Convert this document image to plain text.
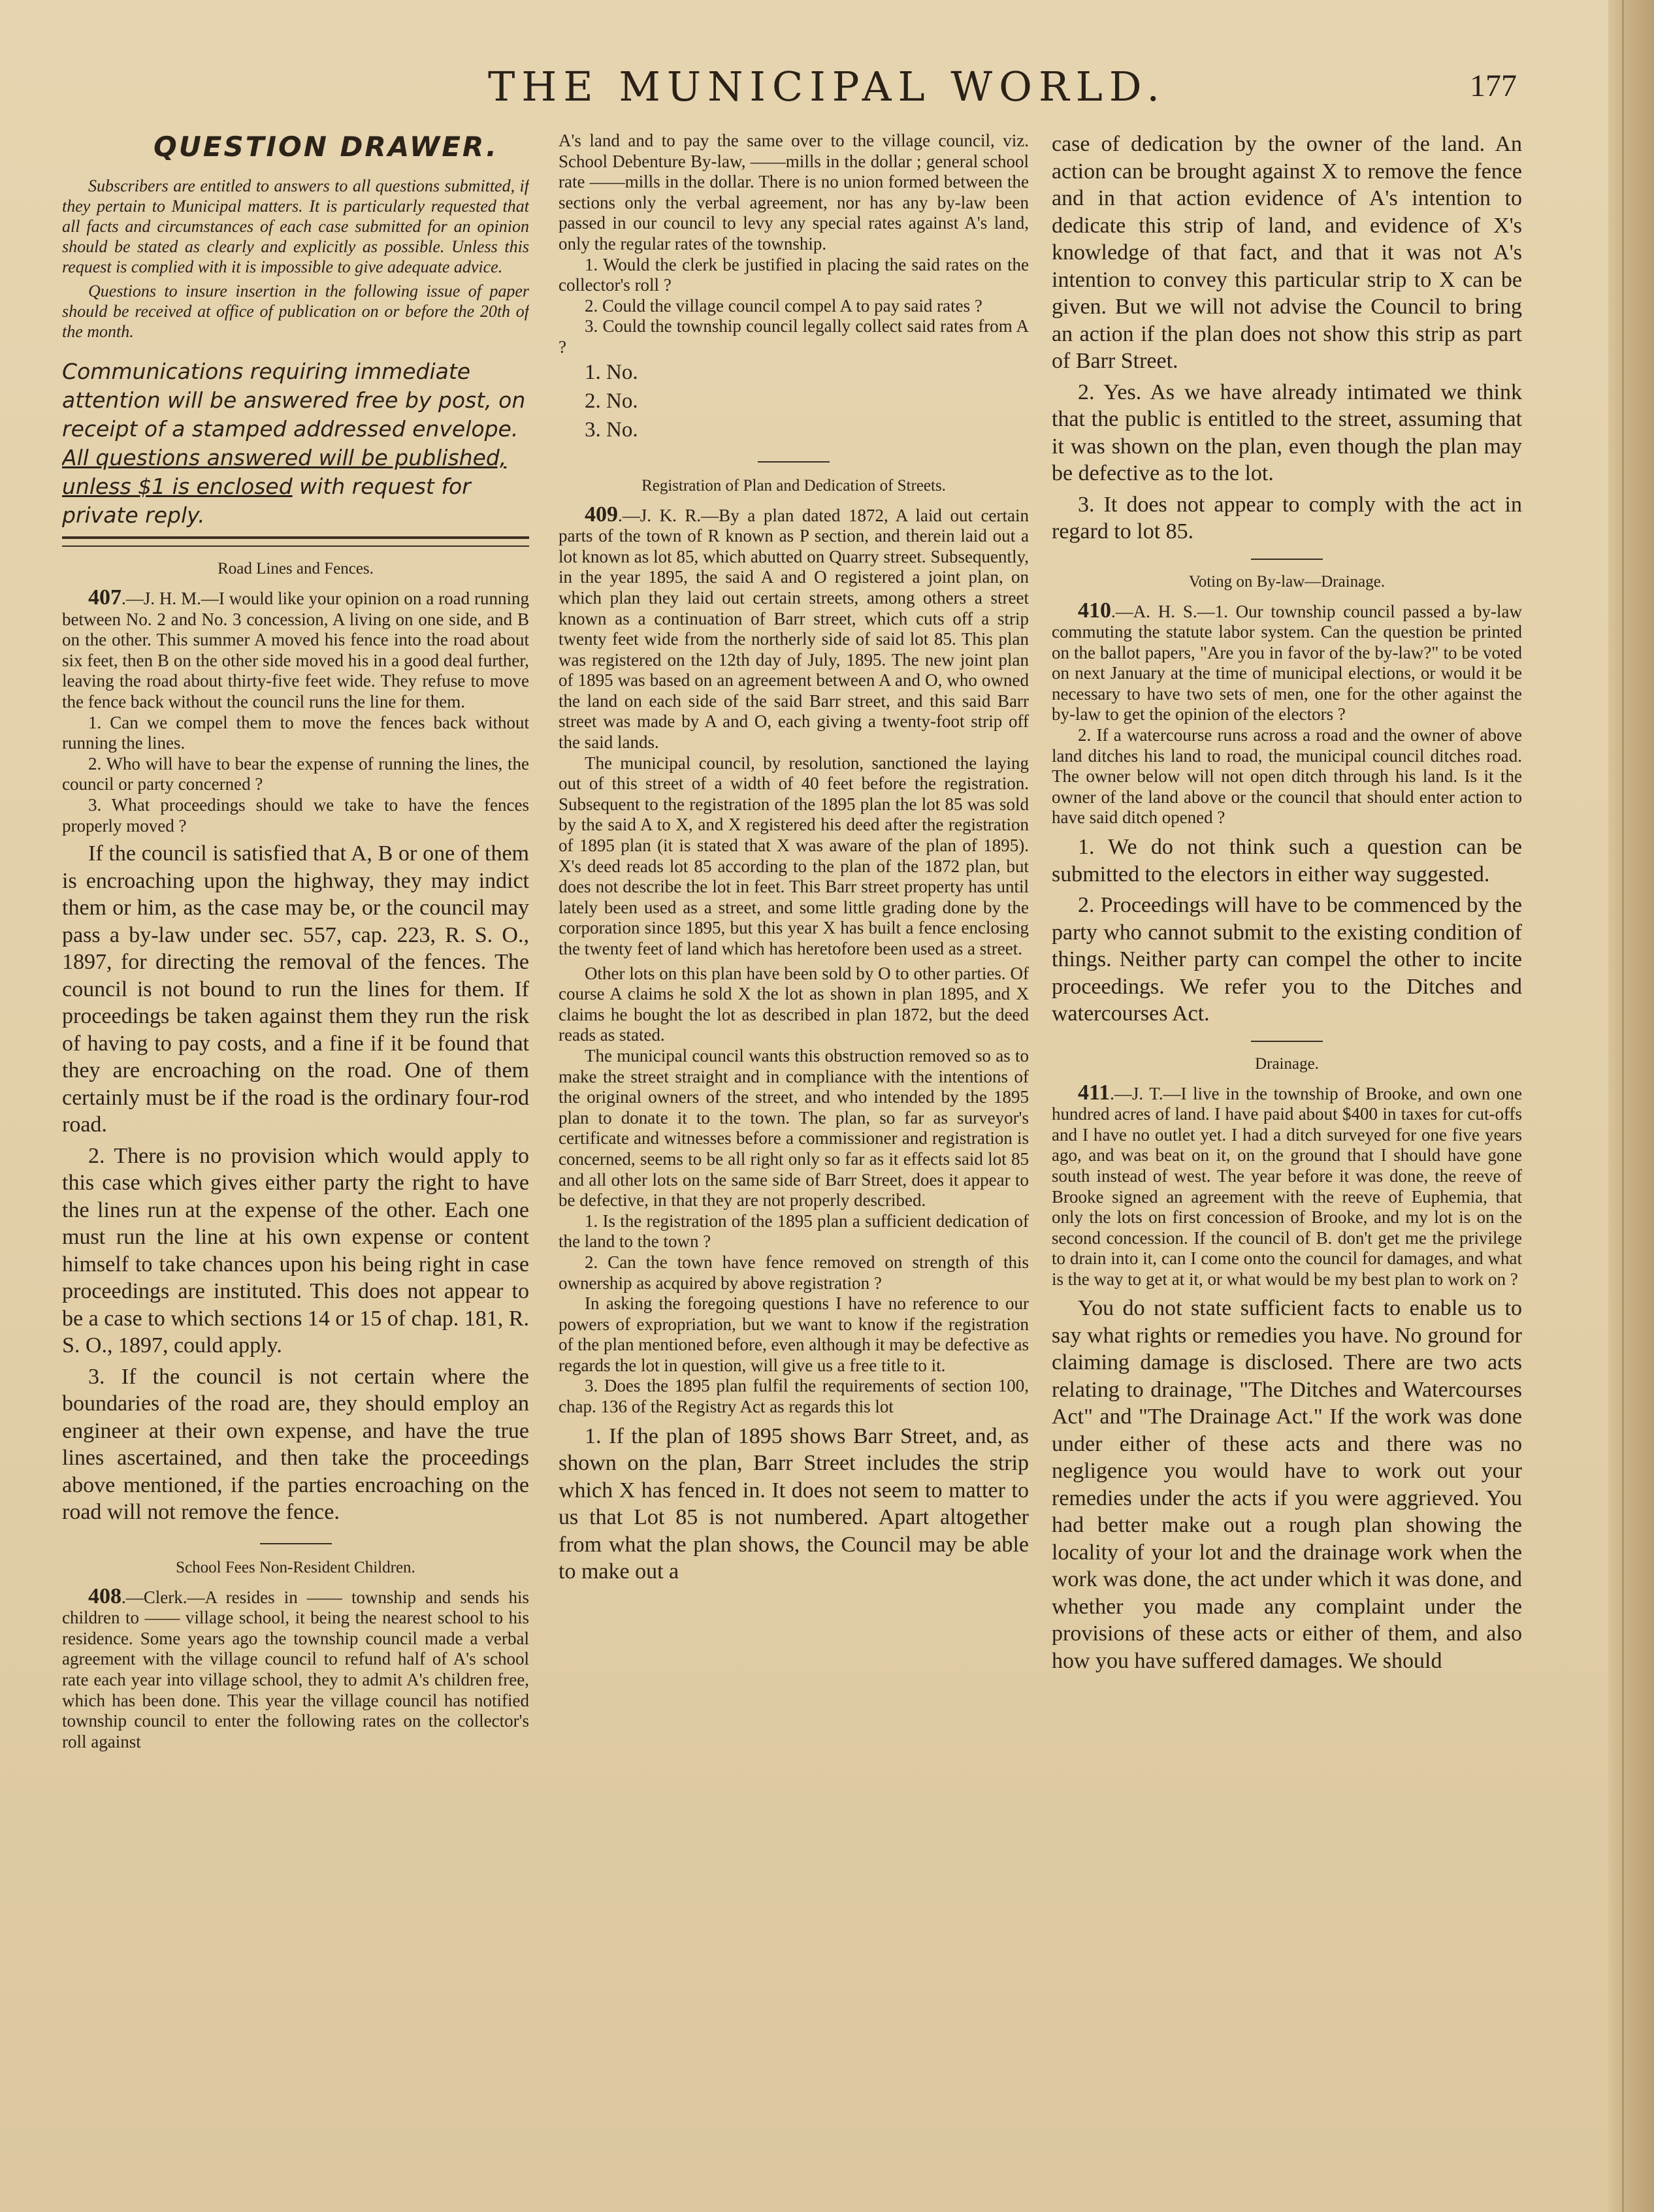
THE MUNICIPAL WORLD.	177
QUESTION DRAWER.

Subscribers are entitled to answers to all questions submitted, if they pertain to Municipal matters. It is particularly requested that all facts and circumstances of each case submitted for an opinion should be stated as clearly and explicitly as possible. Unless this request is complied with it is impossible to give adequate advice.

Questions to insure insertion in the following issue of paper should be received at office of publication on or before the 20th of the month.

Communications requiring immediate attention will be answered free by post, on receipt of a stamped addressed envelope. All questions answered will be published, unless $1 is enclosed with request for private reply.
Road Lines and Fences.

407.—J. H. M.—I would like your opinion on a road running between No. 2 and No. 3 concession, A living on one side, and B on the other. This summer A moved his fence into the road about six feet, then B on the other side moved his in a good deal further, leaving the road about thirty-five feet wide. They refuse to move the fence back without the council runs the line for them.

1. Can we compel them to move the fences back without running the lines.

2. Who will have to bear the expense of running the lines, the council or party concerned ?

3. What proceedings should we take to have the fences properly moved ?

If the council is satisfied that A, B or one of them is encroaching upon the highway, they may indict them or him, as the case may be, or the council may pass a by-law under sec. 557, cap. 223, R. S. O., 1897, for directing the removal of the fences. The council is not bound to run the lines for them. If proceedings be taken against them they run the risk of having to pay costs, and a fine if it be found that they are encroaching on the road. One of them certainly must be if the road is the ordinary four-rod road.

2. There is no provision which would apply to this case which gives either party the right to have the lines run at the expense of the other. Each one must run the line at his own expense or content himself to take chances upon his being right in case proceedings are instituted. This does not appear to be a case to which sections 14 or 15 of chap. 181, R. S. O., 1897, could apply.

3. If the council is not certain where the boundaries of the road are, they should employ an engineer at their own expense, and have the true lines ascertained, and then take the proceedings above mentioned, if the parties encroaching on the road will not remove the fence.

School Fees Non-Resident Children.

408.—Clerk.—A resides in —— township and sends his children to —— village school, it being the nearest school to his residence. Some years ago the township council made a verbal agreement with the village council to refund half of A's school rate each year into village school, they to admit A's children free, which has been done. This year the village council has notified township council to enter the following rates on the collector's roll against

A's land and to pay the same over to the village council, viz. School Debenture By-law, ——mills in the dollar ; general school rate ——mills in the dollar. There is no union formed between the sections only the verbal agreement, nor has any by-law been passed in our council to levy any special rates against A's land, only the regular rates of the township.

1. Would the clerk be justified in placing the said rates on the collector's roll ?

2. Could the village council compel A to pay said rates ?

3. Could the township council legally collect said rates from A ?

1. No.
2. No.
3. No.
Registration of Plan and Dedication of Streets.

409.—J. K. R.—By a plan dated 1872, A laid out certain parts of the town of R known as P section, and therein laid out a lot known as lot 85, which abutted on Quarry street. Subsequently, in the year 1895, the said A and O registered a joint plan, on which plan they laid out certain streets, among others a street known as a continuation of Barr street, which cuts off a strip twenty feet wide from the northerly side of said lot 85. This plan was registered on the 12th day of July, 1895. The new joint plan of 1895 was based on an agreement between A and O, who owned the land on each side of the said Barr street, and this said Barr street was made by A and O, each giving a twenty-foot strip off the said lands.

The municipal council, by resolution, sanctioned the laying out of this street of a width of 40 feet before the registration. Subsequent to the registration of the 1895 plan the lot 85 was sold by the said A to X, and X registered his deed after the registration of 1895 plan (it is stated that X was aware of the plan of 1895). X's deed reads lot 85 according to the plan of the 1872 plan, but does not describe the lot in feet. This Barr street property has until lately been used as a street, and some little grading done by the corporation since 1895, but this year X has built a fence enclosing the twenty feet of land which has heretofore been used as a street.

Other lots on this plan have been sold by O to other parties. Of course A claims he sold X the lot as shown in plan 1895, and X claims he bought the lot as described in plan 1872, but the deed reads as stated.

The municipal council wants this obstruction removed so as to make the street straight and in compliance with the intentions of the original owners of the street, and who intended by the 1895 plan to donate it to the town. The plan, so far as surveyor's certificate and witnesses before a commissioner and registration is concerned, seems to be all right only so far as it effects said lot 85 and all other lots on the same side of Barr Street, does it appear to be defective, in that they are not properly described.

1. Is the registration of the 1895 plan a sufficient dedication of the land to the town ?

2. Can the town have fence removed on strength of this ownership as acquired by above registration ?

In asking the foregoing questions I have no reference to our powers of expropriation, but we want to know if the registration of the plan mentioned before, even although it may be defective as regards the lot in question, will give us a free title to it.

3. Does the 1895 plan fulfil the requirements of section 100, chap. 136 of the Registry Act as regards this lot

1. If the plan of 1895 shows Barr Street, and, as shown on the plan, Barr Street includes the strip which X has fenced in. It does not seem to matter to us that Lot 85 is not numbered. Apart altogether from what the plan shows, the Council may be able to make out a

case of dedication by the owner of the land. An action can be brought against X to remove the fence and in that action evidence of A's intention to dedicate this strip of land, and evidence of X's knowledge of that fact, and that it was not A's intention to convey this particular strip to X can be given. But we will not advise the Council to bring an action if the plan does not show this strip as part of Barr Street.

2. Yes. As we have already intimated we think that the public is entitled to the street, assuming that it was shown on the plan, even though the plan may be defective as to the lot.

3. It does not appear to comply with the act in regard to lot 85.

Voting on By-law—Drainage.

410.—A. H. S.—1. Our township council passed a by-law commuting the statute labor system. Can the question be printed on the ballot papers, "Are you in favor of the by-law?" to be voted on next January at the time of municipal elections, or would it be necessary to have two sets of men, one for the other against the by-law to get the opinion of the electors ?

2. If a watercourse runs across a road and the owner of above land ditches his land to road, the municipal council ditches road. The owner below will not open ditch through his land. Is it the owner of the land above or the council that should enter action to have said ditch opened ?

1. We do not think such a question can be submitted to the electors in either way suggested.

2. Proceedings will have to be commenced by the party who cannot submit to the existing condition of things. Neither party can compel the other to incite proceedings. We refer you to the Ditches and watercourses Act.

Drainage.

411.—J. T.—I live in the township of Brooke, and own one hundred acres of land. I have paid about $400 in taxes for cut-offs and I have no outlet yet. I had a ditch surveyed for one five years ago, and was beat on it, on the ground that I should have gone south instead of west. The year before it was done, the reeve of Brooke signed an agreement with the reeve of Euphemia, that only the lots on first concession of Brooke, and my lot is on the second concession. If the council of B. don't get me the privilege to drain into it, can I come onto the council for damages, and what is the way to get at it, or what would be my best plan to work on ?

You do not state sufficient facts to enable us to say what rights or remedies you have. No ground for claiming damage is disclosed. There are two acts relating to drainage, "The Ditches and Watercourses Act" and "The Drainage Act." If the work was done under either of these acts and there was no negligence you would have to work out your remedies under the acts if you were aggrieved. You had better make out a rough plan showing the locality of your lot and the drainage work when the work was done, the act under which it was done, and whether you made any complaint under the provisions of these acts or either of them, and also how you have suffered damages. We should
